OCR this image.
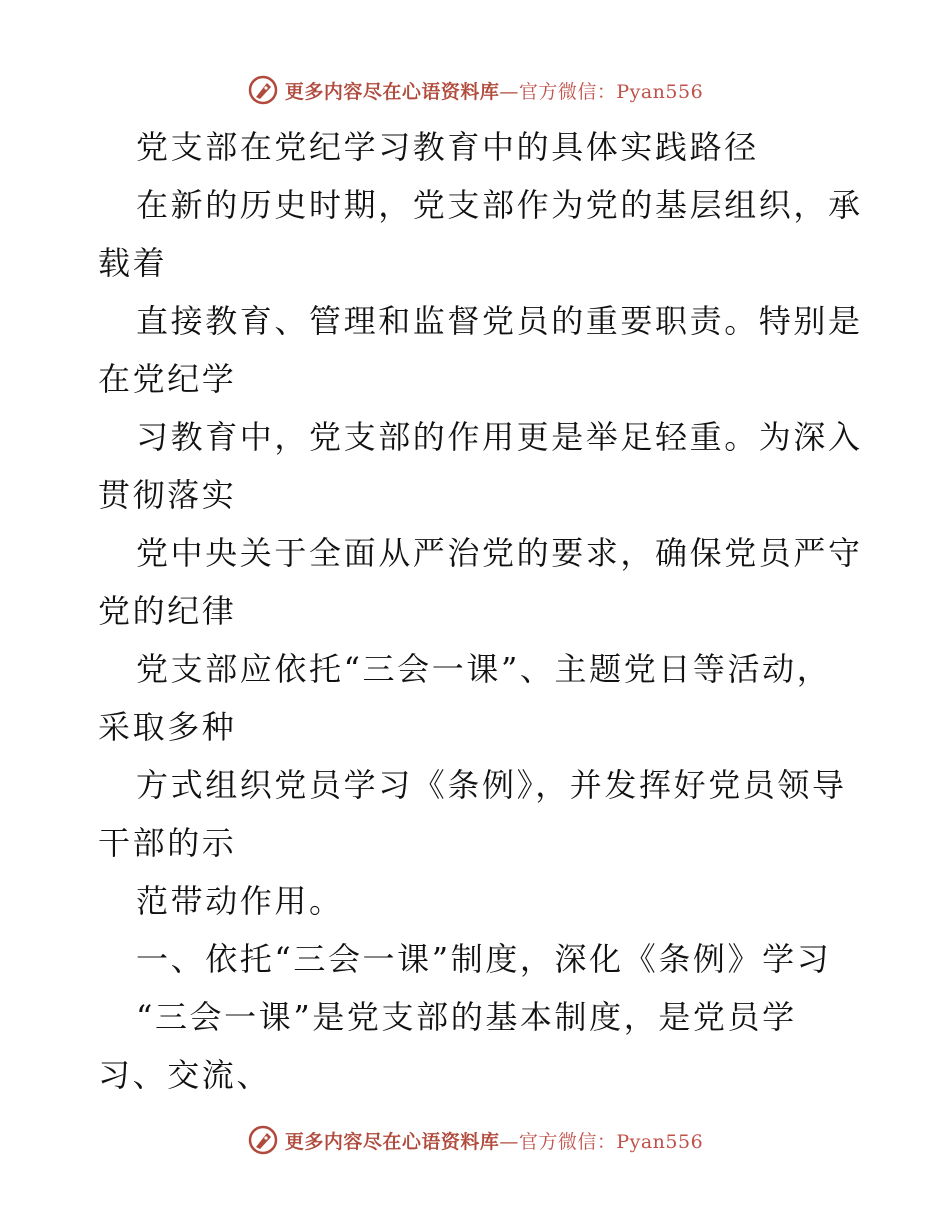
更多内容尽在心语资料库—官方微信：Pyan556
党支部在党纪学习教育中的具体实践路径
在新的历史时期，党支部作为党的基层组织，承
载着
直接教育、管理和监督党员的重要职责。特别是
在党纪学
习教育中，党支部的作用更是举足轻重。为深入
贯彻落实
党中央关于全面从严治党的要求，确保党员严守
党的纪律
党支部应依托“三会一课”、主题党日等活动，
采取多种
方式组织党员学习《条例》，并发挥好党员领导
干部的示
范带动作用。
一、依托“三会一课”制度，深化《条例》学习
“三会一课”是党支部的基本制度，是党员学
习、交流、
更多内容尽在心语资料库—官方微信：Pyan556
